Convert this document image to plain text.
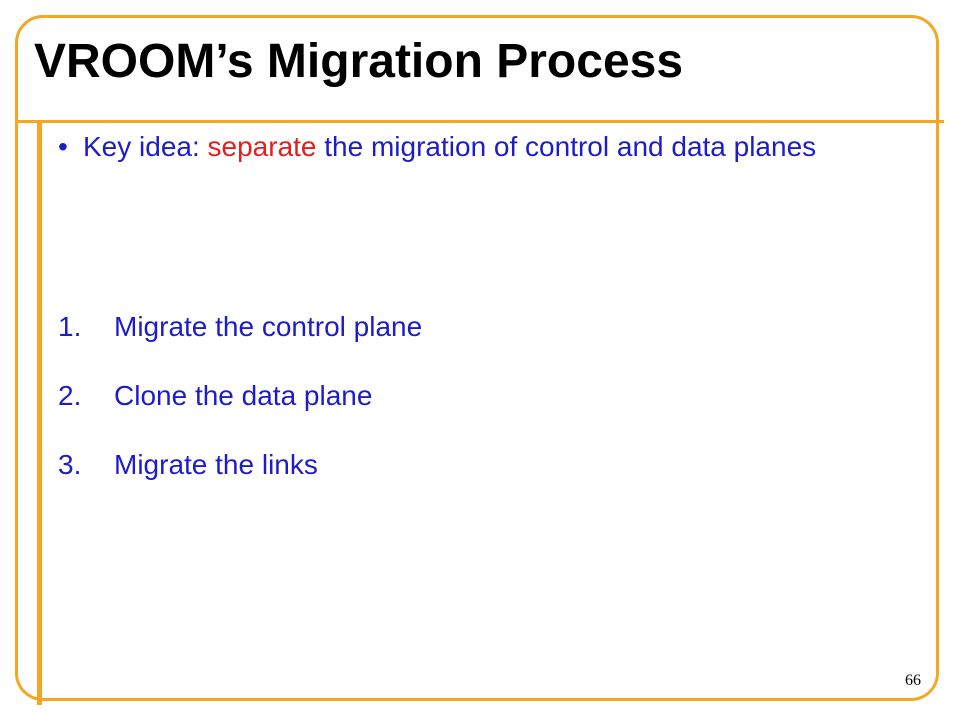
VROOM’s Migration Process
• Key idea: separate the migration of control and data planes
1. Migrate the control plane
2. Clone the data plane
3. Migrate the links
66
